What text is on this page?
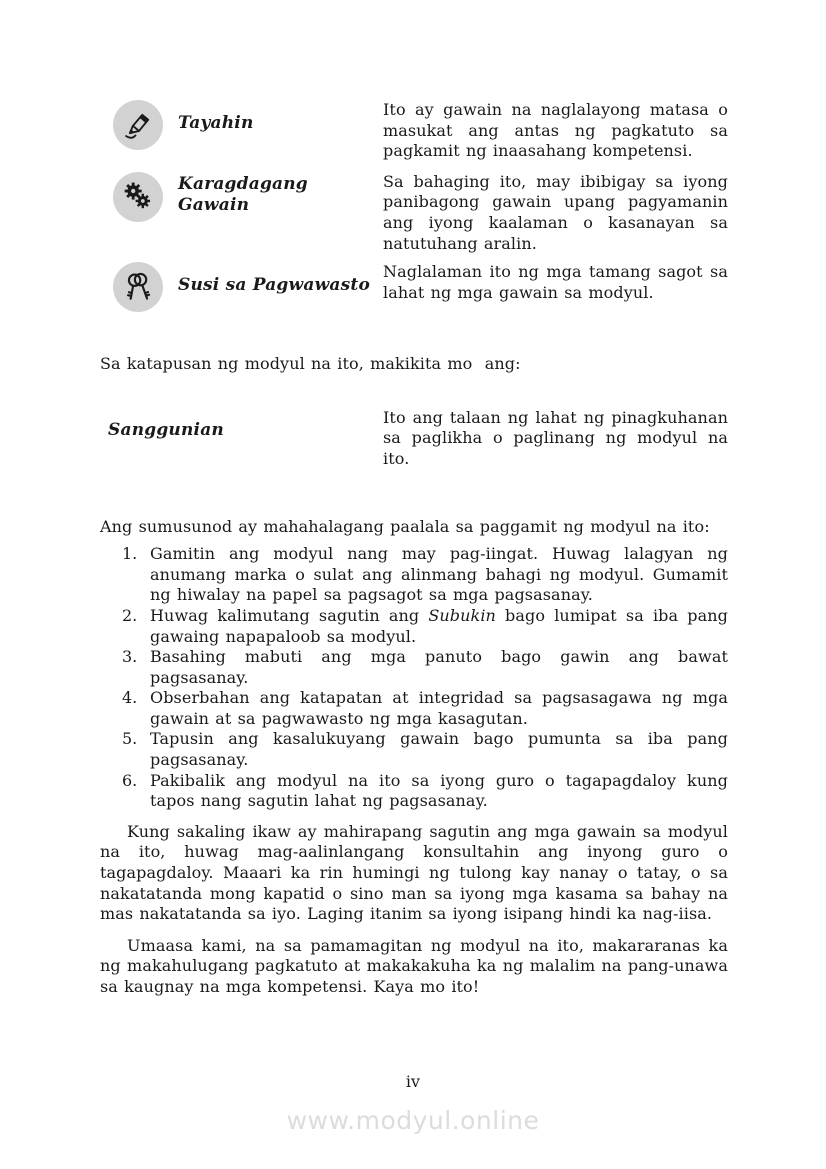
Tayahin

Ito ay gawain na naglalayong matasa o masukat ang antas ng pagkatuto sa pagkamit ng inaasahang kompetensi.

Karagdagang Gawain

Sa bahaging ito, may ibibigay sa iyong panibagong gawain upang pagyamanin ang iyong kaalaman o kasanayan sa natutuhang aralin.

Susi sa Pagwawasto

Naglalaman ito ng mga tamang sagot sa lahat ng mga gawain sa modyul.

Sa katapusan ng modyul na ito, makikita mo  ang:

Sanggunian

Ito ang talaan ng lahat ng pinagkuhanan sa paglikha o paglinang ng modyul na ito.

Ang sumusunod ay mahahalagang paalala sa paggamit ng modyul na ito:

1. Gamitin ang modyul nang may pag-iingat. Huwag lalagyan ng anumang marka o sulat ang alinmang bahagi ng modyul. Gumamit ng hiwalay na papel sa pagsagot sa mga pagsasanay.

2. Huwag kalimutang sagutin ang Subukin bago lumipat sa iba pang gawaing napapaloob sa modyul.

3. Basahing mabuti ang mga panuto bago gawin ang bawat pagsasanay.

4. Obserbahan ang katapatan at integridad sa pagsasagawa ng mga gawain at sa pagwawasto ng mga kasagutan.

5. Tapusin ang kasalukuyang gawain bago pumunta sa iba pang pagsasanay.

6. Pakibalik ang modyul na ito sa iyong guro o tagapagdaloy kung tapos nang sagutin lahat ng pagsasanay.

Kung sakaling ikaw ay mahirapang sagutin ang mga gawain sa modyul na ito, huwag mag-aalinlangang konsultahin ang inyong guro o tagapagdaloy. Maaari ka rin humingi ng tulong kay nanay o tatay, o sa nakatatanda mong kapatid o sino man sa iyong mga kasama sa bahay na mas nakatatanda sa iyo. Laging itanim sa iyong isipang hindi ka nag-iisa.

Umaasa kami, na sa pamamagitan ng modyul na ito, makararanas ka ng makahulugang pagkatuto at makakakuha ka ng malalim na pang-unawa sa kaugnay na mga kompetensi. Kaya mo ito!

iv
www.modyul.online
